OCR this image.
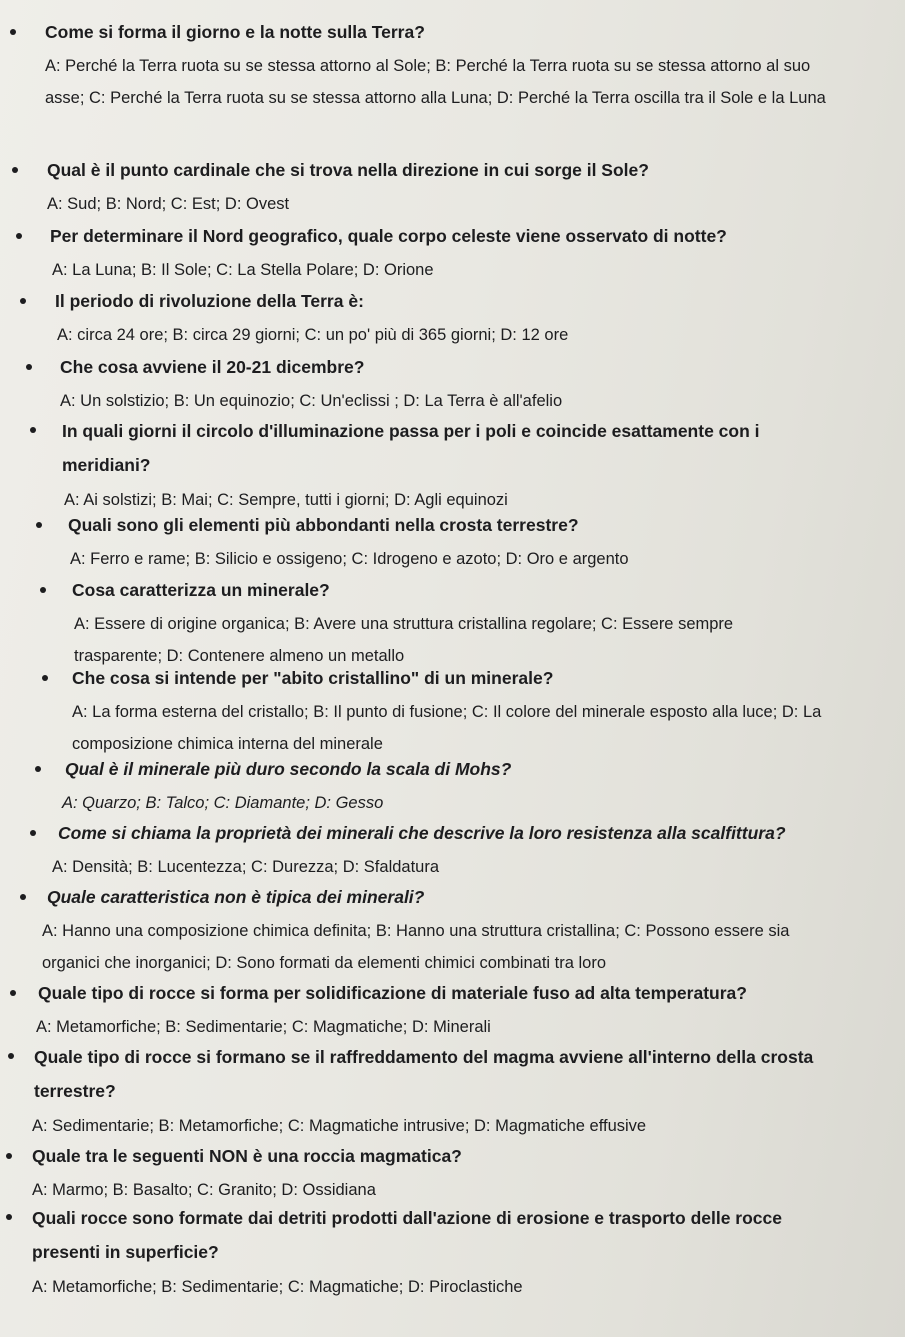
Come si forma il giorno e la notte sulla Terra?
A: Perché la Terra ruota su se stessa attorno al Sole; B: Perché la Terra ruota su se stessa attorno al suo asse; C: Perché la Terra ruota su se stessa attorno alla Luna; D: Perché la Terra oscilla tra il Sole e la Luna
Qual è il punto cardinale che si trova nella direzione in cui sorge il Sole?
A: Sud; B: Nord; C: Est; D: Ovest
Per determinare il Nord geografico, quale corpo celeste viene osservato di notte?
A: La Luna; B: Il Sole; C: La Stella Polare; D: Orione
Il periodo di rivoluzione della Terra è:
A: circa 24 ore; B: circa 29 giorni; C: un po' più di 365 giorni; D: 12 ore
Che cosa avviene il 20-21 dicembre?
A: Un solstizio; B: Un equinozio; C: Un'eclissi ; D: La Terra è all'afelio
In quali giorni il circolo d'illuminazione passa per i poli e coincide esattamente con i meridiani?
A: Ai solstizi; B: Mai; C: Sempre, tutti i giorni; D: Agli equinozi
Quali sono gli elementi più abbondanti nella crosta terrestre?
A: Ferro e rame; B: Silicio e ossigeno; C: Idrogeno e azoto; D: Oro e argento
Cosa caratterizza un minerale?
A: Essere di origine organica; B: Avere una struttura cristallina regolare; C: Essere sempre trasparente; D: Contenere almeno un metallo
Che cosa si intende per "abito cristallino" di un minerale?
A: La forma esterna del cristallo; B: Il punto di fusione; C: Il colore del minerale esposto alla luce; D: La composizione chimica interna del minerale
Qual è il minerale più duro secondo la scala di Mohs?
A: Quarzo; B: Talco; C: Diamante; D: Gesso
Come si chiama la proprietà dei minerali che descrive la loro resistenza alla scalfittura?
A: Densità; B: Lucentezza; C: Durezza; D: Sfaldatura
Quale caratteristica non è tipica dei minerali?
A: Hanno una composizione chimica definita; B: Hanno una struttura cristallina; C: Possono essere sia organici che inorganici; D: Sono formati da elementi chimici combinati tra loro
Quale tipo di rocce si forma per solidificazione di materiale fuso ad alta temperatura?
A: Metamorfiche; B: Sedimentarie; C: Magmatiche; D: Minerali
Quale tipo di rocce si formano se il raffreddamento del magma avviene all'interno della crosta terrestre?
A: Sedimentarie; B: Metamorfiche; C: Magmatiche intrusive; D: Magmatiche effusive
Quale tra le seguenti NON è una roccia magmatica?
A: Marmo; B: Basalto; C: Granito; D: Ossidiana
Quali rocce sono formate dai detriti prodotti dall'azione di erosione e trasporto delle rocce presenti in superficie?
A: Metamorfiche; B: Sedimentarie; C: Magmatiche; D: Piroclastiche
